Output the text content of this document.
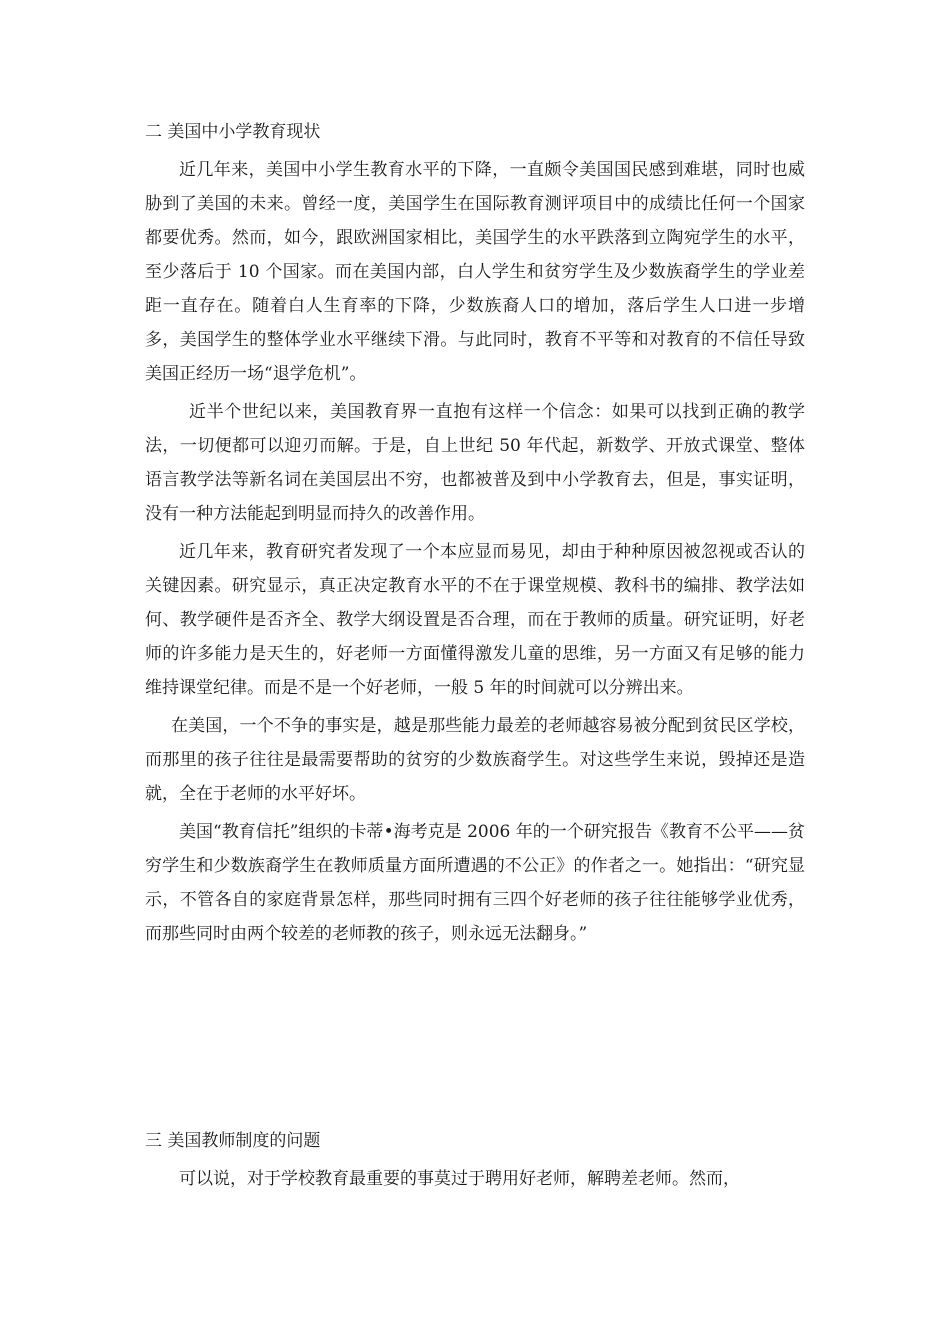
二 美国中小学教育现状

近几年来，美国中小学生教育水平的下降，一直颇令美国国民感到难堪，同时也威胁到了美国的未来。曾经一度，美国学生在国际教育测评项目中的成绩比任何一个国家都要优秀。然而，如今，跟欧洲国家相比，美国学生的水平跌落到立陶宛学生的水平，至少落后于 10 个国家。而在美国内部，白人学生和贫穷学生及少数族裔学生的学业差距一直存在。随着白人生育率的下降，少数族裔人口的增加，落后学生人口进一步增多，美国学生的整体学业水平继续下滑。与此同时，教育不平等和对教育的不信任导致美国正经历一场“退学危机”。

近半个世纪以来，美国教育界一直抱有这样一个信念：如果可以找到正确的教学法，一切便都可以迎刃而解。于是，自上世纪 50 年代起，新数学、开放式课堂、整体语言教学法等新名词在美国层出不穷，也都被普及到中小学教育去，但是，事实证明，没有一种方法能起到明显而持久的改善作用。

近几年来，教育研究者发现了一个本应显而易见，却由于种种原因被忽视或否认的关键因素。研究显示，真正决定教育水平的不在于课堂规模、教科书的编排、教学法如何、教学硬件是否齐全、教学大纲设置是否合理，而在于教师的质量。研究证明，好老师的许多能力是天生的，好老师一方面懂得激发儿童的思维，另一方面又有足够的能力维持课堂纪律。而是不是一个好老师，一般 5 年的时间就可以分辨出来。

在美国，一个不争的事实是，越是那些能力最差的老师越容易被分配到贫民区学校，而那里的孩子往往是最需要帮助的贫穷的少数族裔学生。对这些学生来说，毁掉还是造就，全在于老师的水平好坏。

美国“教育信托”组织的卡蒂•海考克是 2006 年的一个研究报告《教育不公平——贫穷学生和少数族裔学生在教师质量方面所遭遇的不公正》的作者之一。她指出：“研究显示，不管各自的家庭背景怎样，那些同时拥有三四个好老师的孩子往往能够学业优秀，而那些同时由两个较差的老师教的孩子，则永远无法翻身。”

三 美国教师制度的问题

可以说，对于学校教育最重要的事莫过于聘用好老师，解聘差老师。然而，
